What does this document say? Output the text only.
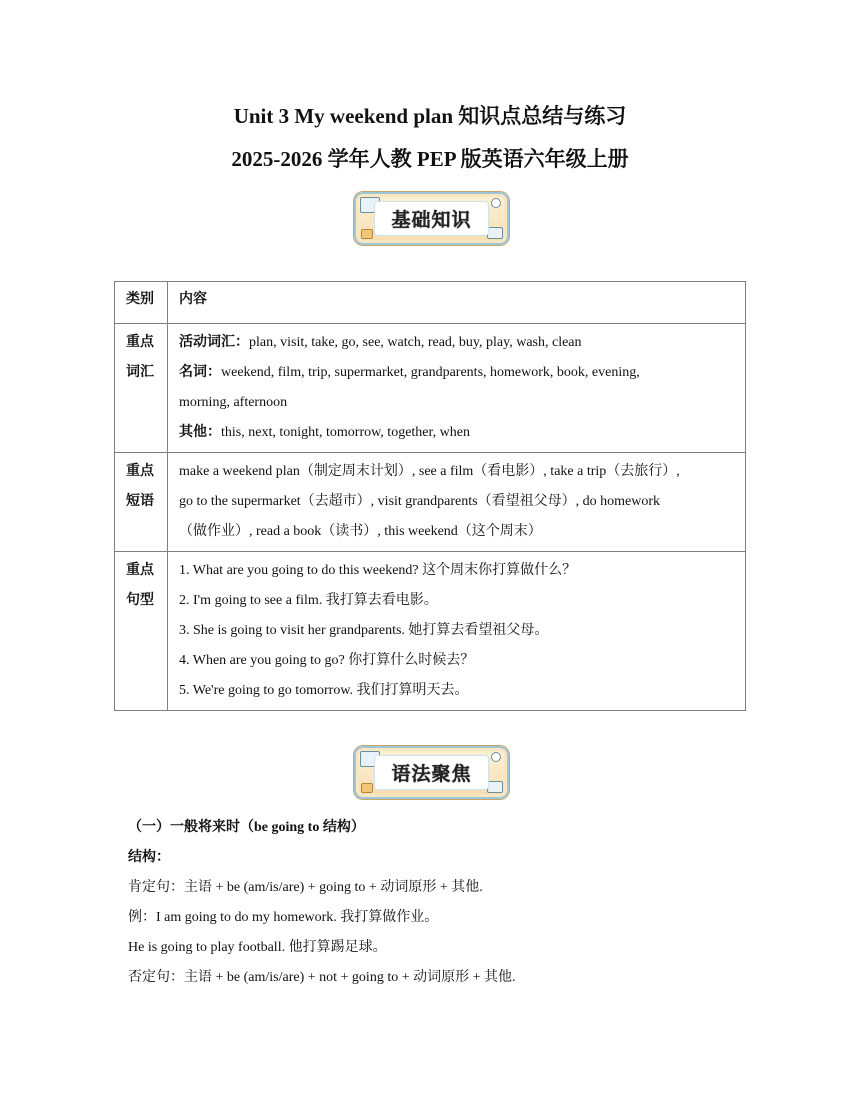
Unit 3 My weekend plan 知识点总结与练习
2025-2026 学年人教 PEP 版英语六年级上册
基础知识
类别	内容

重点
词汇	活动词汇：plan, visit, take, go, see, watch, read, buy, play, wash, clean
名词：weekend, film, trip, supermarket, grandparents, homework, book, evening,
morning, afternoon
其他：this, next, tonight, tomorrow, together, when

重点
短语	make a weekend plan（制定周末计划）, see a film（看电影）, take a trip（去旅行）,
go to the supermarket（去超市）, visit grandparents（看望祖父母）, do homework
（做作业）, read a book（读书）, this weekend（这个周末）

重点
句型	1. What are you going to do this weekend? 这个周末你打算做什么？
2. I'm going to see a film. 我打算去看电影。
3. She is going to visit her grandparents. 她打算去看望祖父母。
4. When are you going to go? 你打算什么时候去？
5. We're going to go tomorrow. 我们打算明天去。
语法聚焦
（一）一般将来时（be going to 结构）
结构：
肯定句：主语 + be (am/is/are) + going to + 动词原形 + 其他.
例：I am going to do my homework. 我打算做作业。
He is going to play football. 他打算踢足球。
否定句：主语 + be (am/is/are) + not + going to + 动词原形 + 其他.
